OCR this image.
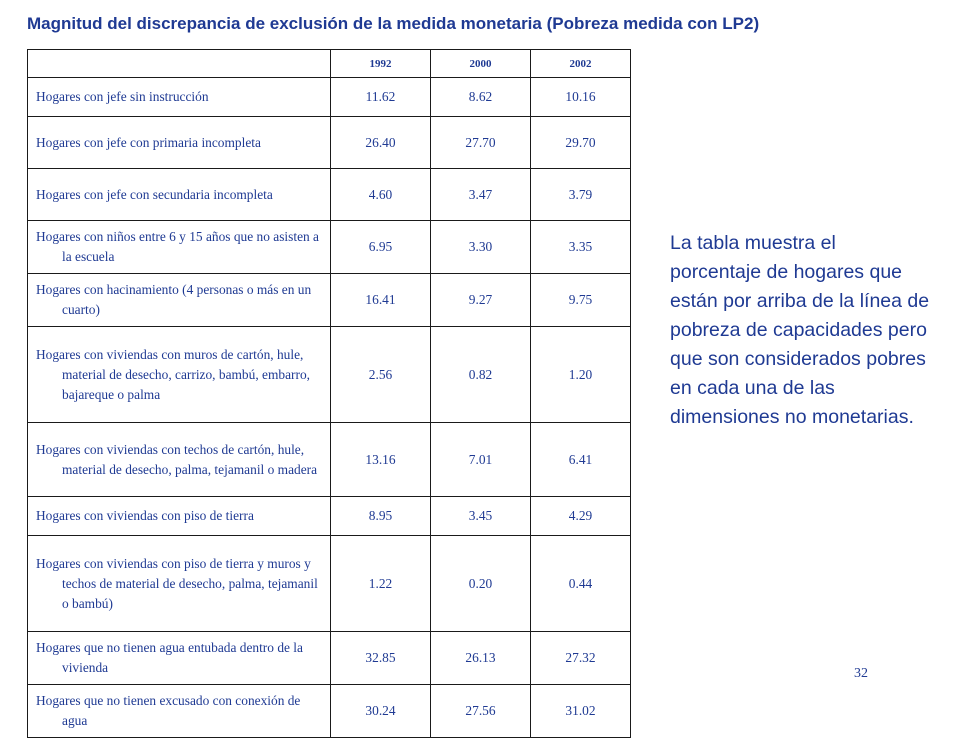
Magnitud del discrepancia de exclusión de la medida monetaria (Pobreza medida con LP2)
	1992	2000	2002
Hogares con jefe sin instrucción	11.62	8.62	10.16
Hogares con jefe con primaria incompleta	26.40	27.70	29.70
Hogares con jefe con secundaria incompleta	4.60	3.47	3.79
Hogares con niños entre 6 y 15 años que no asisten a la escuela	6.95	3.30	3.35
Hogares con hacinamiento (4 personas o más en un cuarto)	16.41	9.27	9.75
Hogares con viviendas con muros de cartón, hule, material de desecho, carrizo, bambú, embarro, bajareque o palma	2.56	0.82	1.20
Hogares con viviendas con techos de cartón, hule, material de desecho, palma, tejamanil o madera	13.16	7.01	6.41
Hogares con viviendas con piso de tierra	8.95	3.45	4.29
Hogares con viviendas con piso de tierra y muros y techos de material de desecho, palma, tejamanil o bambú)	1.22	0.20	0.44
Hogares que no tienen agua entubada dentro de la vivienda	32.85	26.13	27.32
Hogares que no tienen excusado con conexión de agua	30.24	27.56	31.02
La tabla muestra el porcentaje de hogares que están por arriba de la línea de pobreza de capacidades pero que son considerados pobres en cada una de las dimensiones no monetarias.
32
